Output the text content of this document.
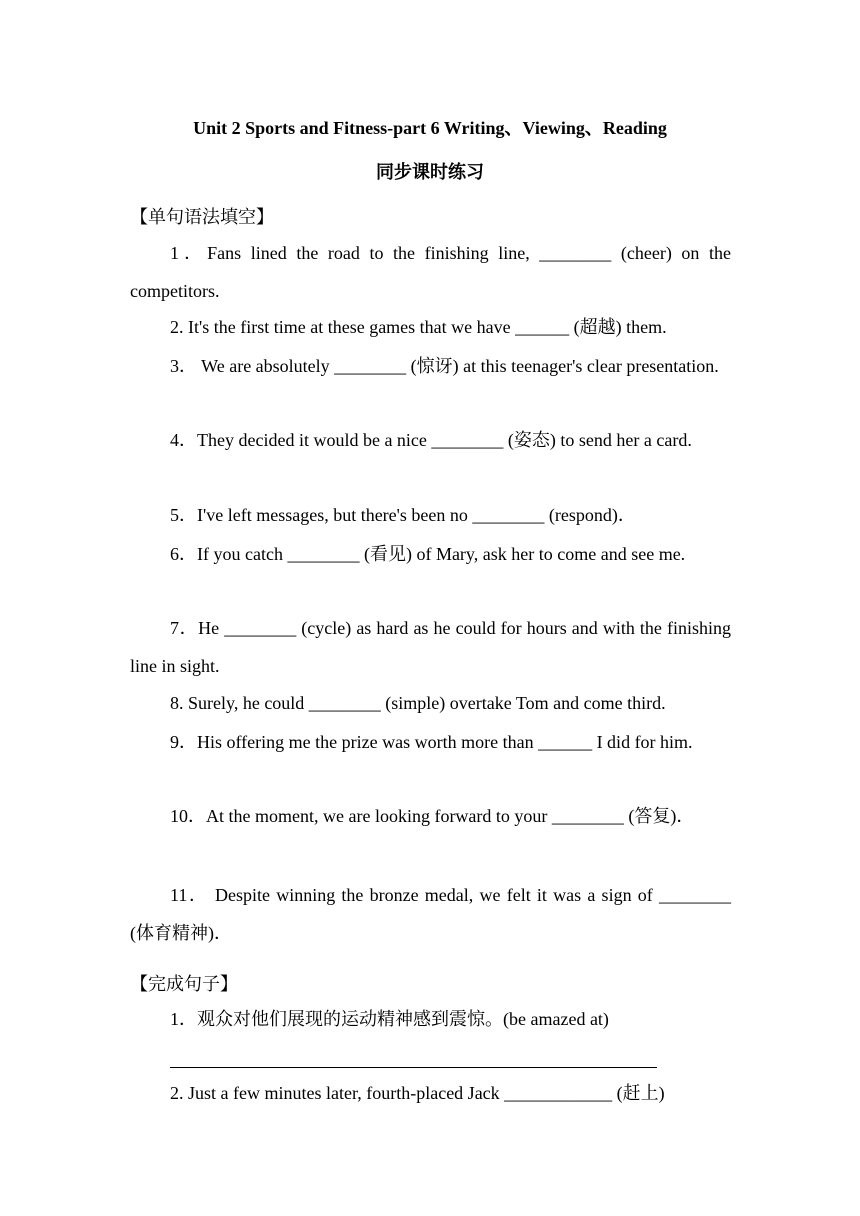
Unit 2 Sports and Fitness-part 6 Writing、Viewing、Reading
同步课时练习
【单句语法填空】
1．Fans lined the road to the finishing line, ________ (cheer) on the competitors.
2. It's the first time at these games that we have ______ (超越) them.
3． We are absolutely ________ (惊讶) at this teenager's clear presentation.
4．They decided it would be a nice ________ (姿态) to send her a card.
5．I've left messages, but there's been no ________ (respond)．
6．If you catch ________ (看见) of Mary, ask her to come and see me.
7．He ________ (cycle) as hard as he could for hours and with the finishing line in sight.
8. Surely, he could ________ (simple) overtake Tom and come third.
9．His offering me the prize was worth more than ______ I did for him.
10．At the moment, we are looking forward to your ________ (答复)．
11． Despite winning the bronze medal, we felt it was a sign of ________ (体育精神)．
【完成句子】
1．观众对他们展现的运动精神感到震惊。(be amazed at)
2. Just a few minutes later, fourth-placed Jack ____________ (赶上)
